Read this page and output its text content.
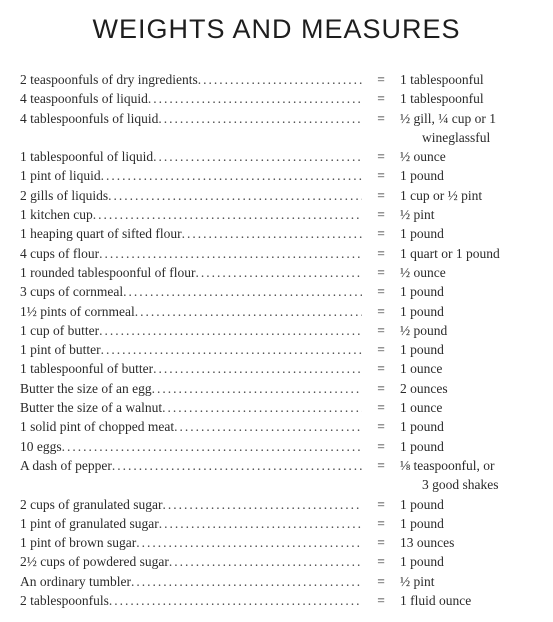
WEIGHTS AND MEASURES
2 teaspoonfuls of dry ingredients .....	=	1 tablespoonful
4 teaspoonfuls of liquid .....	=	1 tablespoonful
4 tablespoonfuls of liquid .....	=	½ gill, ¼ cup or 1
wineglassful
1 tablespoonful of liquid .....	=	½ ounce
1 pint of liquid .....	=	1 pound
2 gills of liquids .....	=	1 cup or ½ pint
1 kitchen cup .....	=	½ pint
1 heaping quart of sifted flour .....	=	1 pound
4 cups of flour .....	=	1 quart or 1 pound
1 rounded tablespoonful of flour .....	=	½ ounce
3 cups of cornmeal .....	=	1 pound
1½ pints of cornmeal .....	=	1 pound
1 cup of butter .....	=	½ pound
1 pint of butter .....	=	1 pound
1 tablespoonful of butter .....	=	1 ounce
Butter the size of an egg .....	=	2 ounces
Butter the size of a walnut .....	=	1 ounce
1 solid pint of chopped meat .....	=	1 pound
10 eggs .....	=	1 pound
A dash of pepper .....	=	⅛ teaspoonful, or
3 good shakes
2 cups of granulated sugar .....	=	1 pound
1 pint of granulated sugar .....	=	1 pound
1 pint of brown sugar .....	=	13 ounces
2½ cups of powdered sugar .....	=	1 pound
An ordinary tumbler .....	=	½ pint
2 tablespoonfuls .....	=	1 fluid ounce
